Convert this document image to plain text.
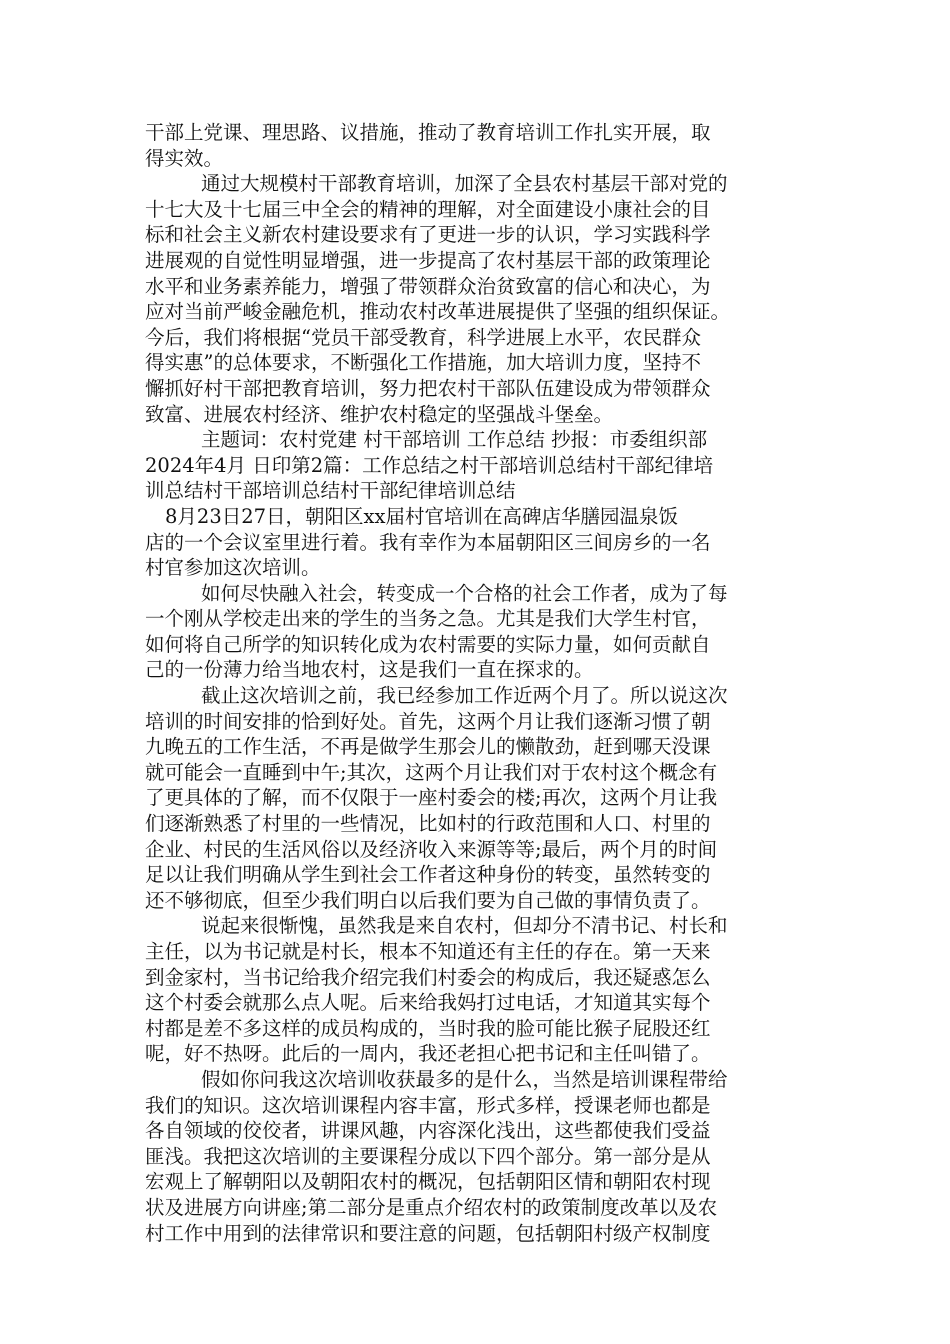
干部上党课、理思路、议措施，推动了教育培训工作扎实开展，取
得实效。
通过大规模村干部教育培训，加深了全县农村基层干部对党的
十七大及十七届三中全会的精神的理解，对全面建设小康社会的目
标和社会主义新农村建设要求有了更进一步的认识，学习实践科学
进展观的自觉性明显增强，进一步提高了农村基层干部的政策理论
水平和业务素养能力，增强了带领群众治贫致富的信心和决心，为
应对当前严峻金融危机，推动农村改革进展提供了坚强的组织保证。
今后，我们将根据“党员干部受教育，科学进展上水平，农民群众
得实惠”的总体要求，不断强化工作措施，加大培训力度，坚持不
懈抓好村干部把教育培训，努力把农村干部队伍建设成为带领群众
致富、进展农村经济、维护农村稳定的坚强战斗堡垒。
主题词：农村党建 村干部培训 工作总结 抄报：市委组织部
2024年4月 日印第2篇：工作总结之村干部培训总结村干部纪律培
训总结村干部培训总结村干部纪律培训总结
8月23日27日，朝阳区xx届村官培训在高碑店华膳园温泉饭
店的一个会议室里进行着。我有幸作为本届朝阳区三间房乡的一名
村官参加这次培训。
如何尽快融入社会，转变成一个合格的社会工作者，成为了每
一个刚从学校走出来的学生的当务之急。尤其是我们大学生村官，
如何将自己所学的知识转化成为农村需要的实际力量，如何贡献自
己的一份薄力给当地农村，这是我们一直在探求的。
截止这次培训之前，我已经参加工作近两个月了。所以说这次
培训的时间安排的恰到好处。首先，这两个月让我们逐渐习惯了朝
九晚五的工作生活，不再是做学生那会儿的懒散劲，赶到哪天没课
就可能会一直睡到中午;其次，这两个月让我们对于农村这个概念有
了更具体的了解，而不仅限于一座村委会的楼;再次，这两个月让我
们逐渐熟悉了村里的一些情况，比如村的行政范围和人口、村里的
企业、村民的生活风俗以及经济收入来源等等;最后，两个月的时间
足以让我们明确从学生到社会工作者这种身份的转变，虽然转变的
还不够彻底，但至少我们明白以后我们要为自己做的事情负责了。
说起来很惭愧，虽然我是来自农村，但却分不清书记、村长和
主任，以为书记就是村长，根本不知道还有主任的存在。第一天来
到金家村，当书记给我介绍完我们村委会的构成后，我还疑惑怎么
这个村委会就那么点人呢。后来给我妈打过电话，才知道其实每个
村都是差不多这样的成员构成的，当时我的脸可能比猴子屁股还红
呢，好不热呀。此后的一周内，我还老担心把书记和主任叫错了。
假如你问我这次培训收获最多的是什么，当然是培训课程带给
我们的知识。这次培训课程内容丰富，形式多样，授课老师也都是
各自领域的佼佼者，讲课风趣，内容深化浅出，这些都使我们受益
匪浅。我把这次培训的主要课程分成以下四个部分。第一部分是从
宏观上了解朝阳以及朝阳农村的概况，包括朝阳区情和朝阳农村现
状及进展方向讲座;第二部分是重点介绍农村的政策制度改革以及农
村工作中用到的法律常识和要注意的问题，包括朝阳村级产权制度
